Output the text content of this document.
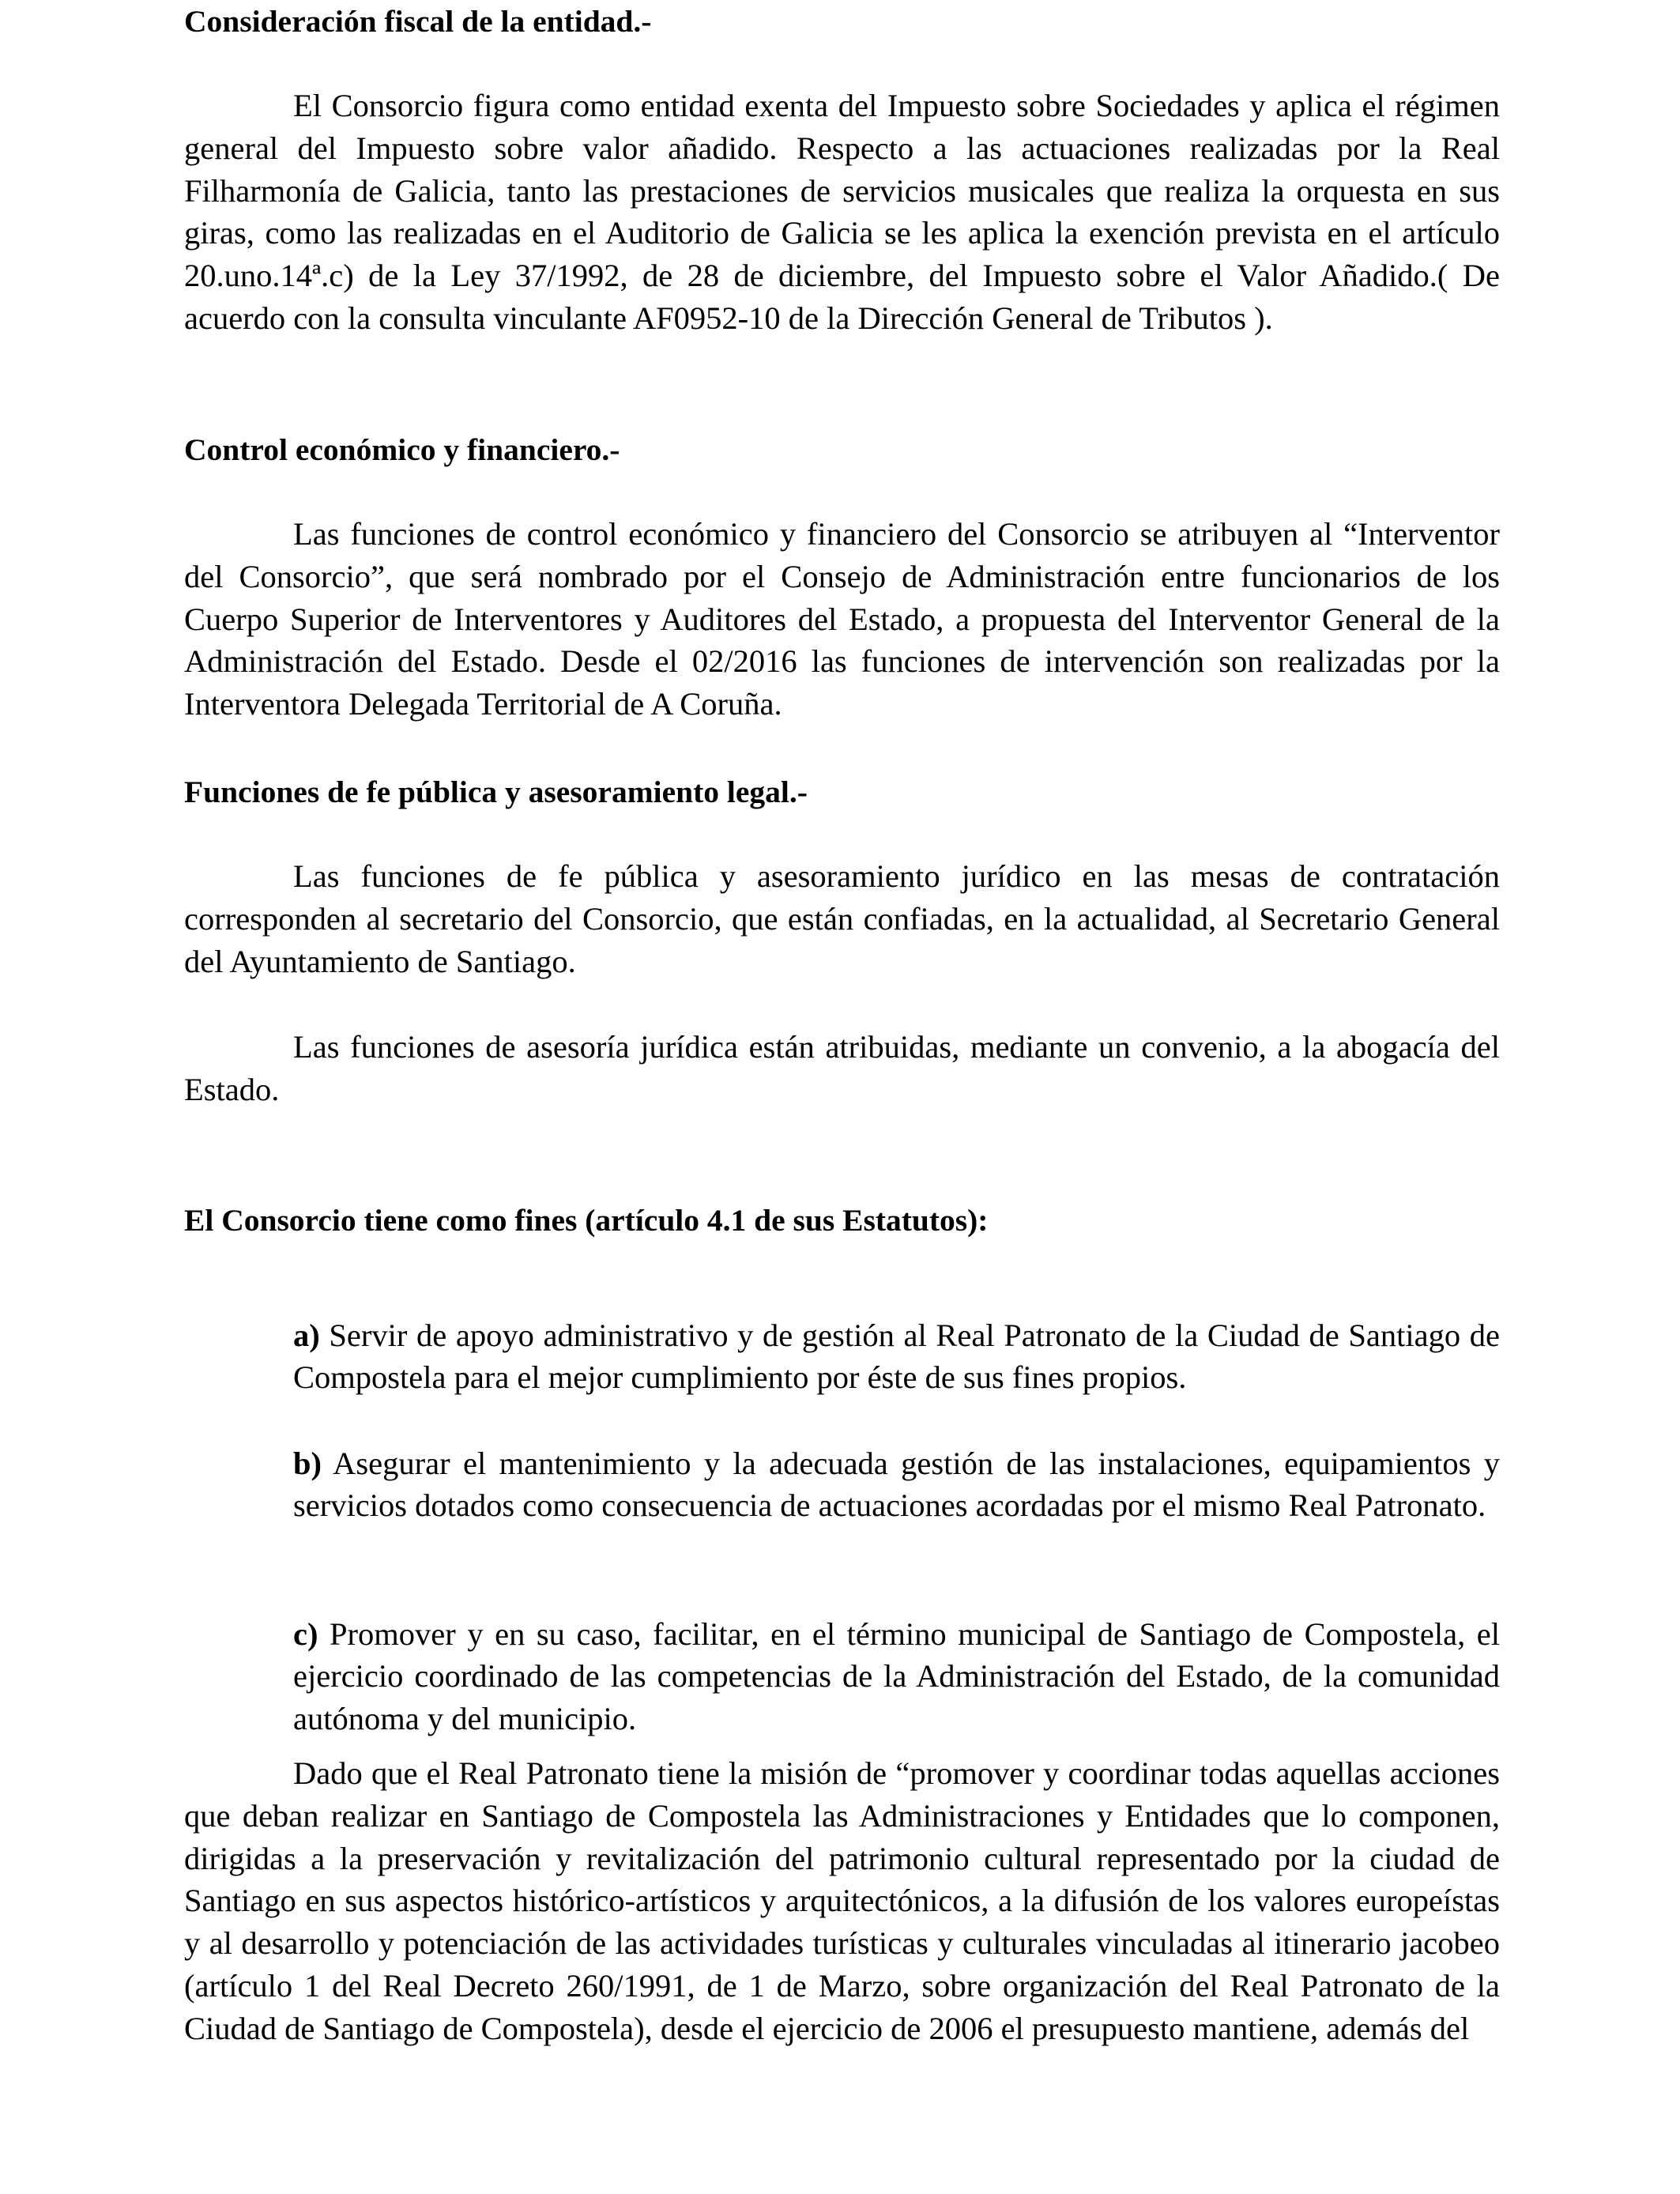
Consideración fiscal de la entidad.-

El Consorcio figura como entidad exenta del Impuesto sobre Sociedades y aplica el régimen general del Impuesto sobre valor añadido. Respecto a las actuaciones realizadas por la Real Filharmonía de Galicia, tanto las prestaciones de servicios musicales que realiza la orquesta en sus giras, como las realizadas en el Auditorio de Galicia se les aplica la exención prevista en el artículo 20.uno.14ª.c) de la Ley 37/1992, de 28 de diciembre, del Impuesto sobre el Valor Añadido.( De acuerdo con la consulta vinculante AF0952-10 de la Dirección General de Tributos ).

Control económico y financiero.-

Las funciones de control económico y financiero del Consorcio se atribuyen al “Interventor del Consorcio”, que será nombrado por el Consejo de Administración entre funcionarios de los Cuerpo Superior de Interventores y Auditores del Estado, a propuesta del Interventor General de la Administración del Estado. Desde el 02/2016 las funciones de intervención son realizadas por la Interventora Delegada Territorial de A Coruña.

Funciones de fe pública y asesoramiento legal.-

Las funciones de fe pública y asesoramiento jurídico en las mesas de contratación corresponden al secretario del Consorcio, que están confiadas, en la actualidad, al Secretario General del Ayuntamiento de Santiago.

Las funciones de asesoría jurídica están atribuidas, mediante un convenio, a la abogacía del Estado.

El Consorcio tiene como fines (artículo 4.1 de sus Estatutos):

a) Servir de apoyo administrativo y de gestión al Real Patronato de la Ciudad de Santiago de Compostela para el mejor cumplimiento por éste de sus fines propios.

b) Asegurar el mantenimiento y la adecuada gestión de las instalaciones, equipamientos y servicios dotados como consecuencia de actuaciones acordadas por el mismo Real Patronato.

c) Promover y en su caso, facilitar, en el término municipal de Santiago de Compostela, el ejercicio coordinado de las competencias de la Administración del Estado, de la comunidad autónoma y del municipio.

Dado que el Real Patronato tiene la misión de “promover y coordinar todas aquellas acciones que deban realizar en Santiago de Compostela las Administraciones y Entidades que lo componen, dirigidas a la preservación y revitalización del patrimonio cultural representado por la ciudad de Santiago en sus aspectos histórico-artísticos y arquitectónicos, a la difusión de los valores europeístas y al desarrollo y potenciación de las actividades turísticas y culturales vinculadas al itinerario jacobeo (artículo 1 del Real Decreto 260/1991, de 1 de Marzo, sobre organización del Real Patronato de la Ciudad de Santiago de Compostela), desde el ejercicio de 2006 el presupuesto mantiene, además del
